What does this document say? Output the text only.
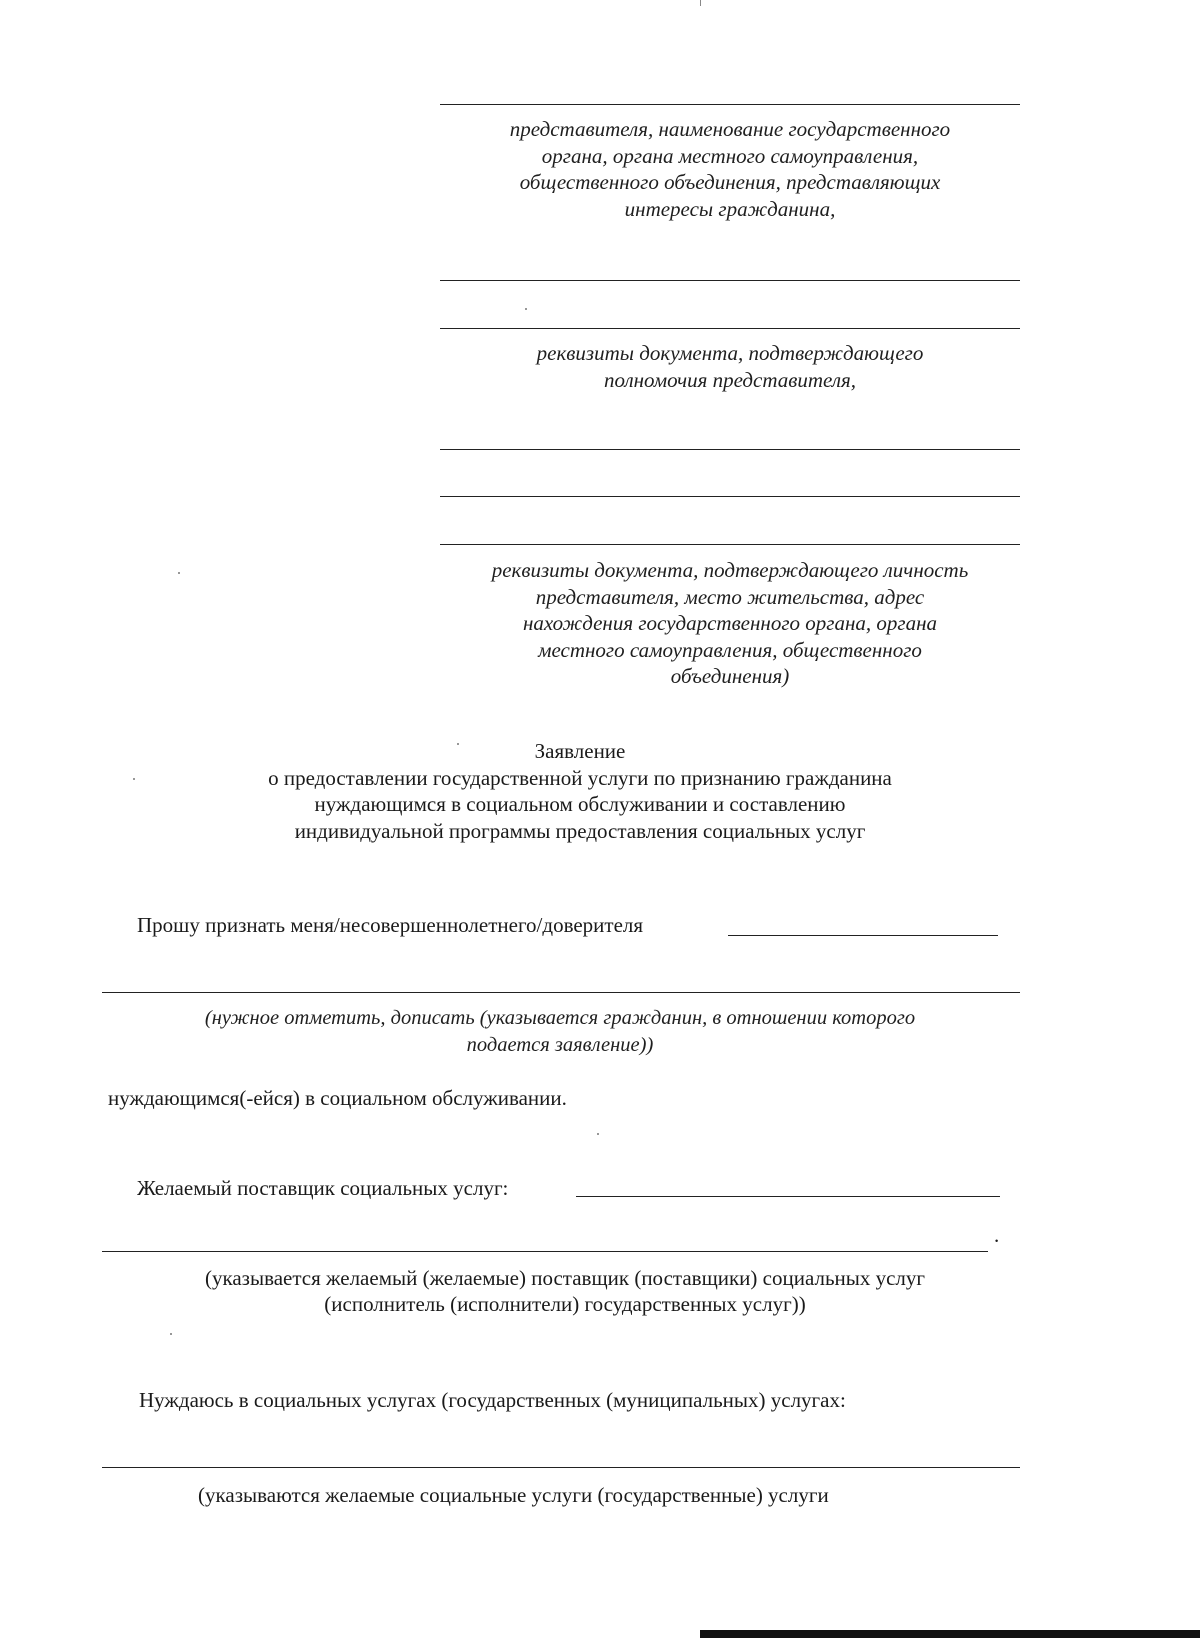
представителя, наименование государственного
органа, органа местного самоуправления,
общественного объединения, представляющих
интересы гражданина,
реквизиты документа, подтверждающего
полномочия представителя,
реквизиты документа, подтверждающего личность
представителя, место жительства, адрес
нахождения государственного органа, органа
местного самоуправления, общественного
объединения)
Заявление
о предоставлении государственной услуги по признанию гражданина
нуждающимся в социальном обслуживании и составлению
индивидуальной программы предоставления социальных услуг
Прошу признать меня/несовершеннолетнего/доверителя
(нужное отметить, дописать (указывается гражданин, в отношении которого
подается заявление))
нуждающимся(-ейся) в социальном обслуживании.
Желаемый поставщик социальных услуг:
.
(указывается желаемый (желаемые) поставщик (поставщики) социальных услуг
(исполнитель (исполнители) государственных услуг))
Нуждаюсь в социальных услугах (государственных (муниципальных) услугах:
(указываются желаемые социальные услуги (государственные) услуги
